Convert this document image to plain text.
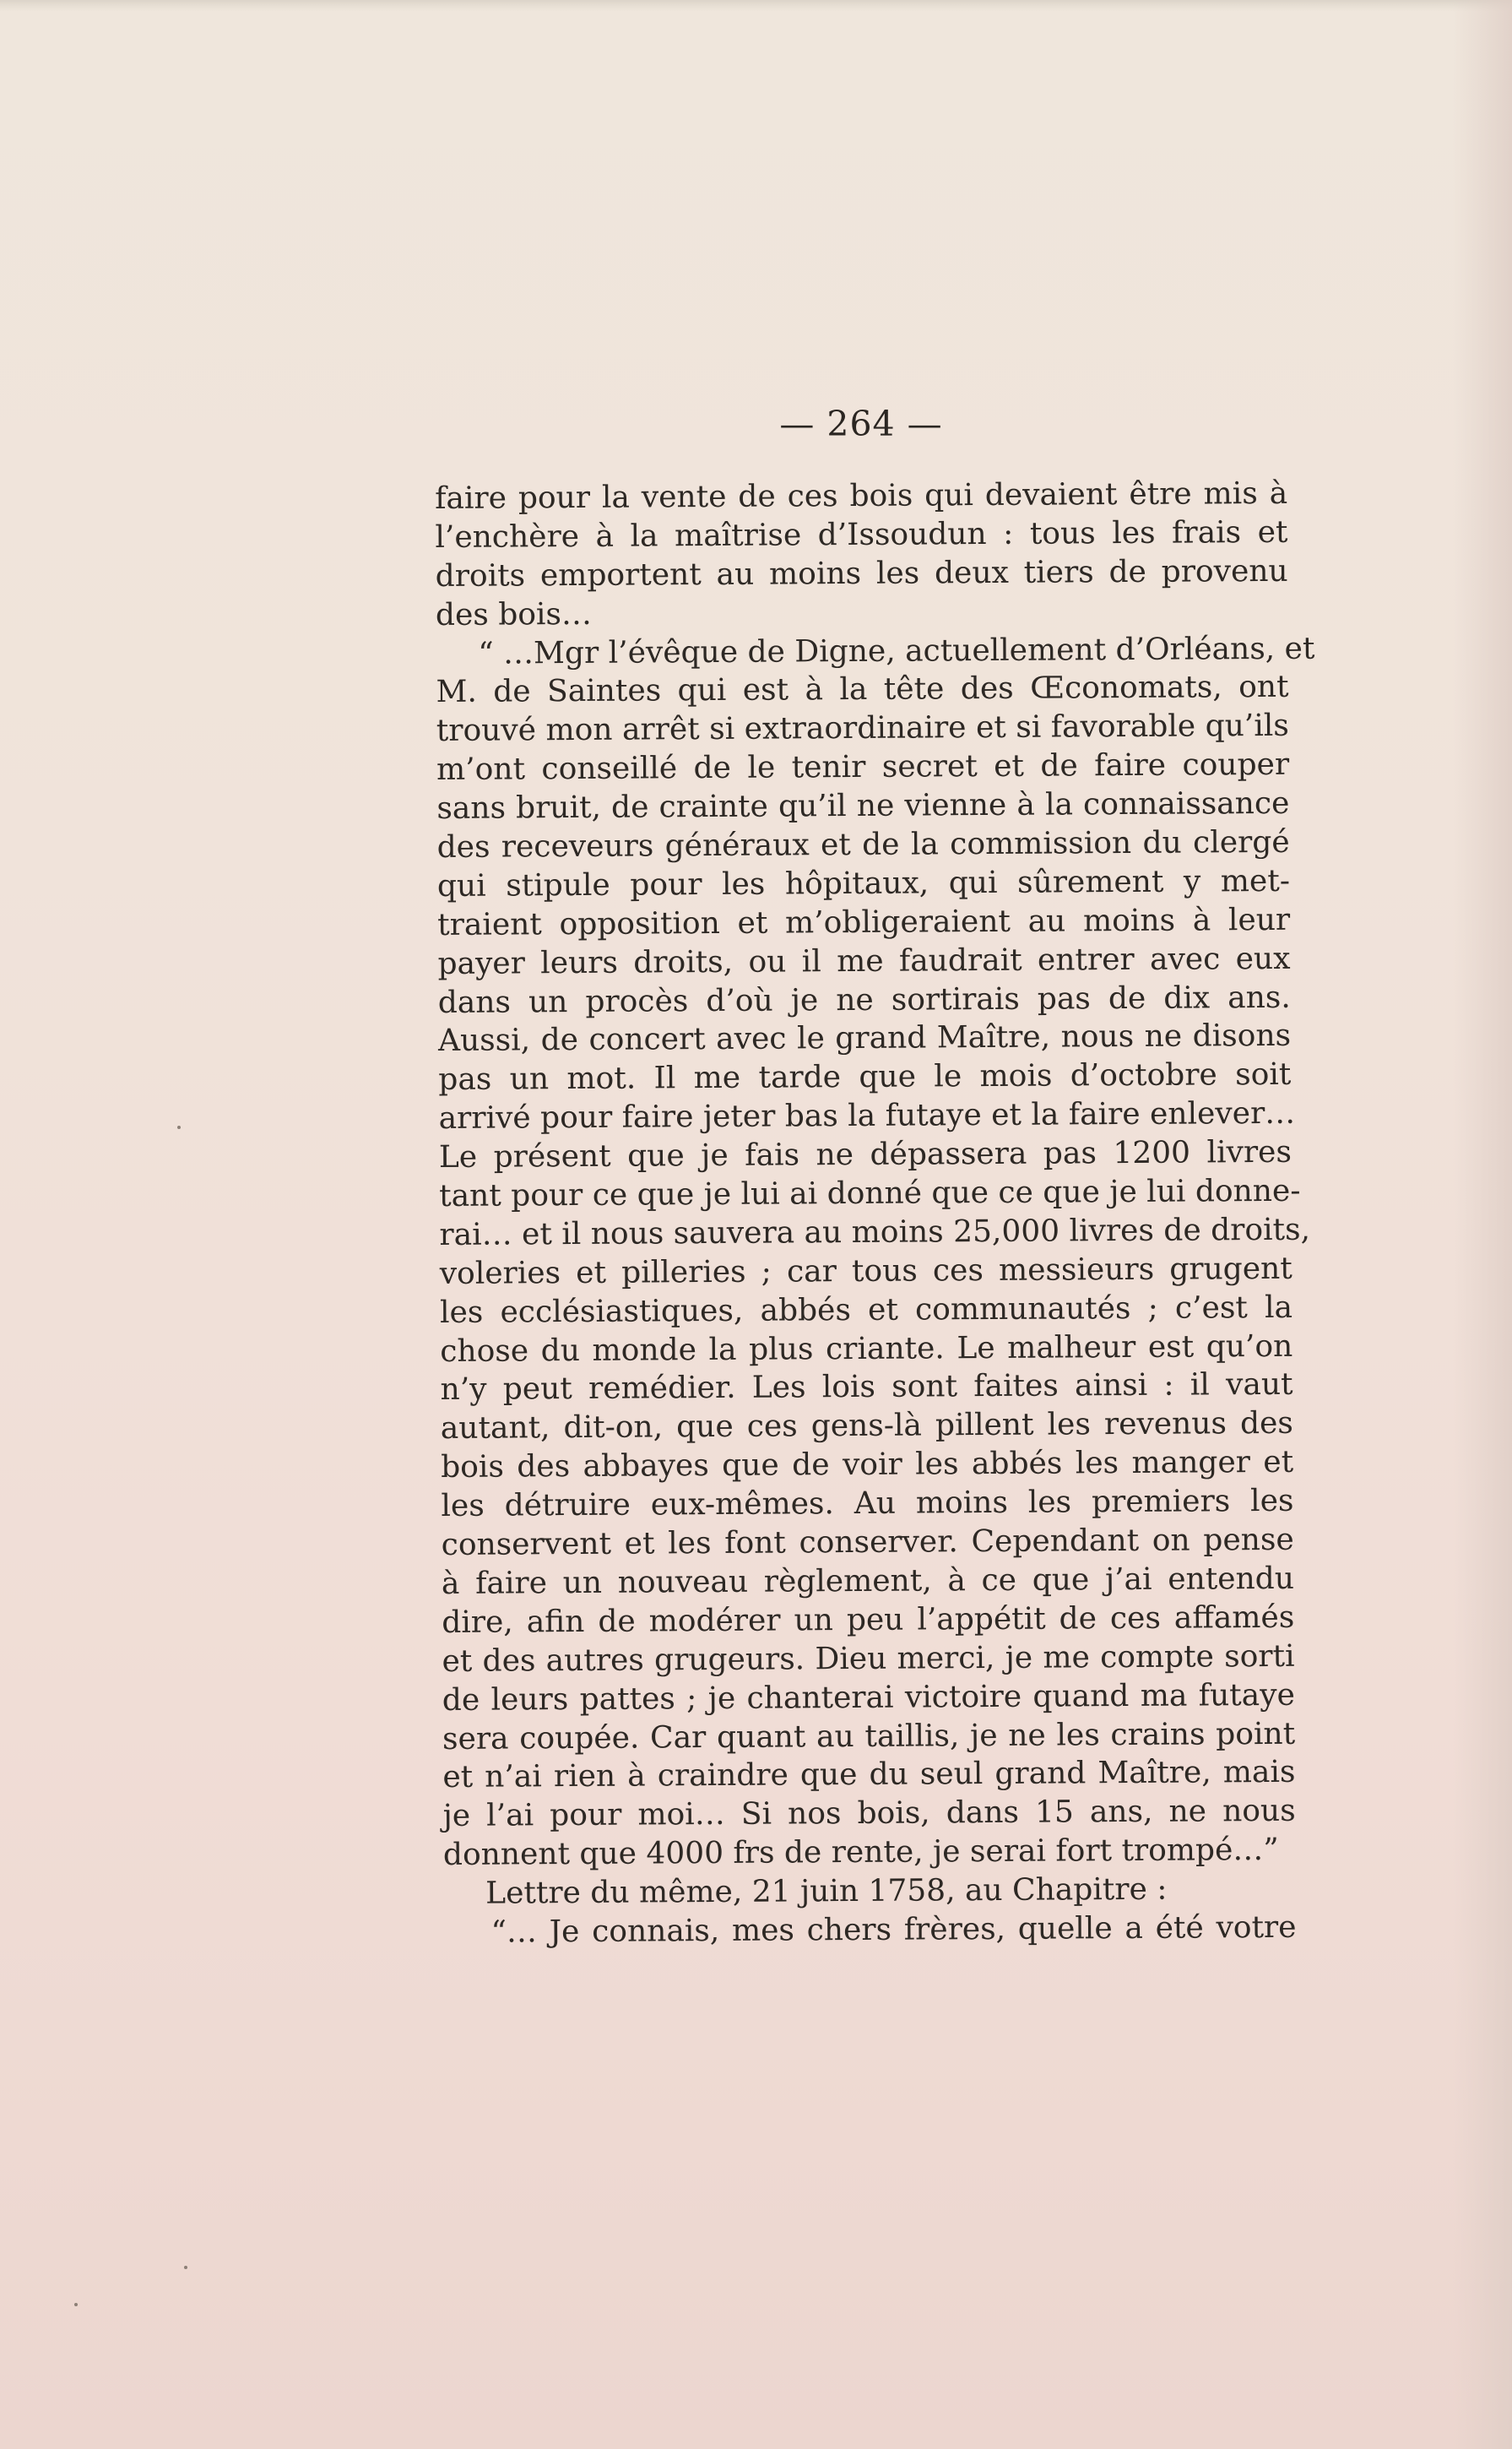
— 264 —
faire pour la vente de ces bois qui devaient être mis à
l’enchère à la maîtrise d’Issoudun : tous les frais et
droits emportent au moins les deux tiers de provenu
des bois…
“ …Mgr l’évêque de Digne, actuellement d’Orléans, et
M. de Saintes qui est à la tête des Œconomats, ont
trouvé mon arrêt si extraordinaire et si favorable qu’ils
m’ont conseillé de le tenir secret et de faire couper
sans bruit, de crainte qu’il ne vienne à la connaissance
des receveurs généraux et de la commission du clergé
qui stipule pour les hôpitaux, qui sûrement y met-
traient opposition et m’obligeraient au moins à leur
payer leurs droits, ou il me faudrait entrer avec eux
dans un procès d’où je ne sortirais pas de dix ans.
Aussi, de concert avec le grand Maître, nous ne disons
pas un mot. Il me tarde que le mois d’octobre soit
arrivé pour faire jeter bas la futaye et la faire enlever…
Le présent que je fais ne dépassera pas 1200 livres
tant pour ce que je lui ai donné que ce que je lui donne-
rai… et il nous sauvera au moins 25,000 livres de droits,
voleries et pilleries ; car tous ces messieurs grugent
les ecclésiastiques, abbés et communautés ; c’est la
chose du monde la plus criante. Le malheur est qu’on
n’y peut remédier. Les lois sont faites ainsi : il vaut
autant, dit-on, que ces gens-là pillent les revenus des
bois des abbayes que de voir les abbés les manger et
les détruire eux-mêmes. Au moins les premiers les
conservent et les font conserver. Cependant on pense
à faire un nouveau règlement, à ce que j’ai entendu
dire, afin de modérer un peu l’appétit de ces affamés
et des autres grugeurs. Dieu merci, je me compte sorti
de leurs pattes ; je chanterai victoire quand ma futaye
sera coupée. Car quant au taillis, je ne les crains point
et n’ai rien à craindre que du seul grand Maître, mais
je l’ai pour moi… Si nos bois, dans 15 ans, ne nous
donnent que 4000 frs de rente, je serai fort trompé…”
Lettre du même, 21 juin 1758, au Chapitre :
“… Je connais, mes chers frères, quelle a été votre
